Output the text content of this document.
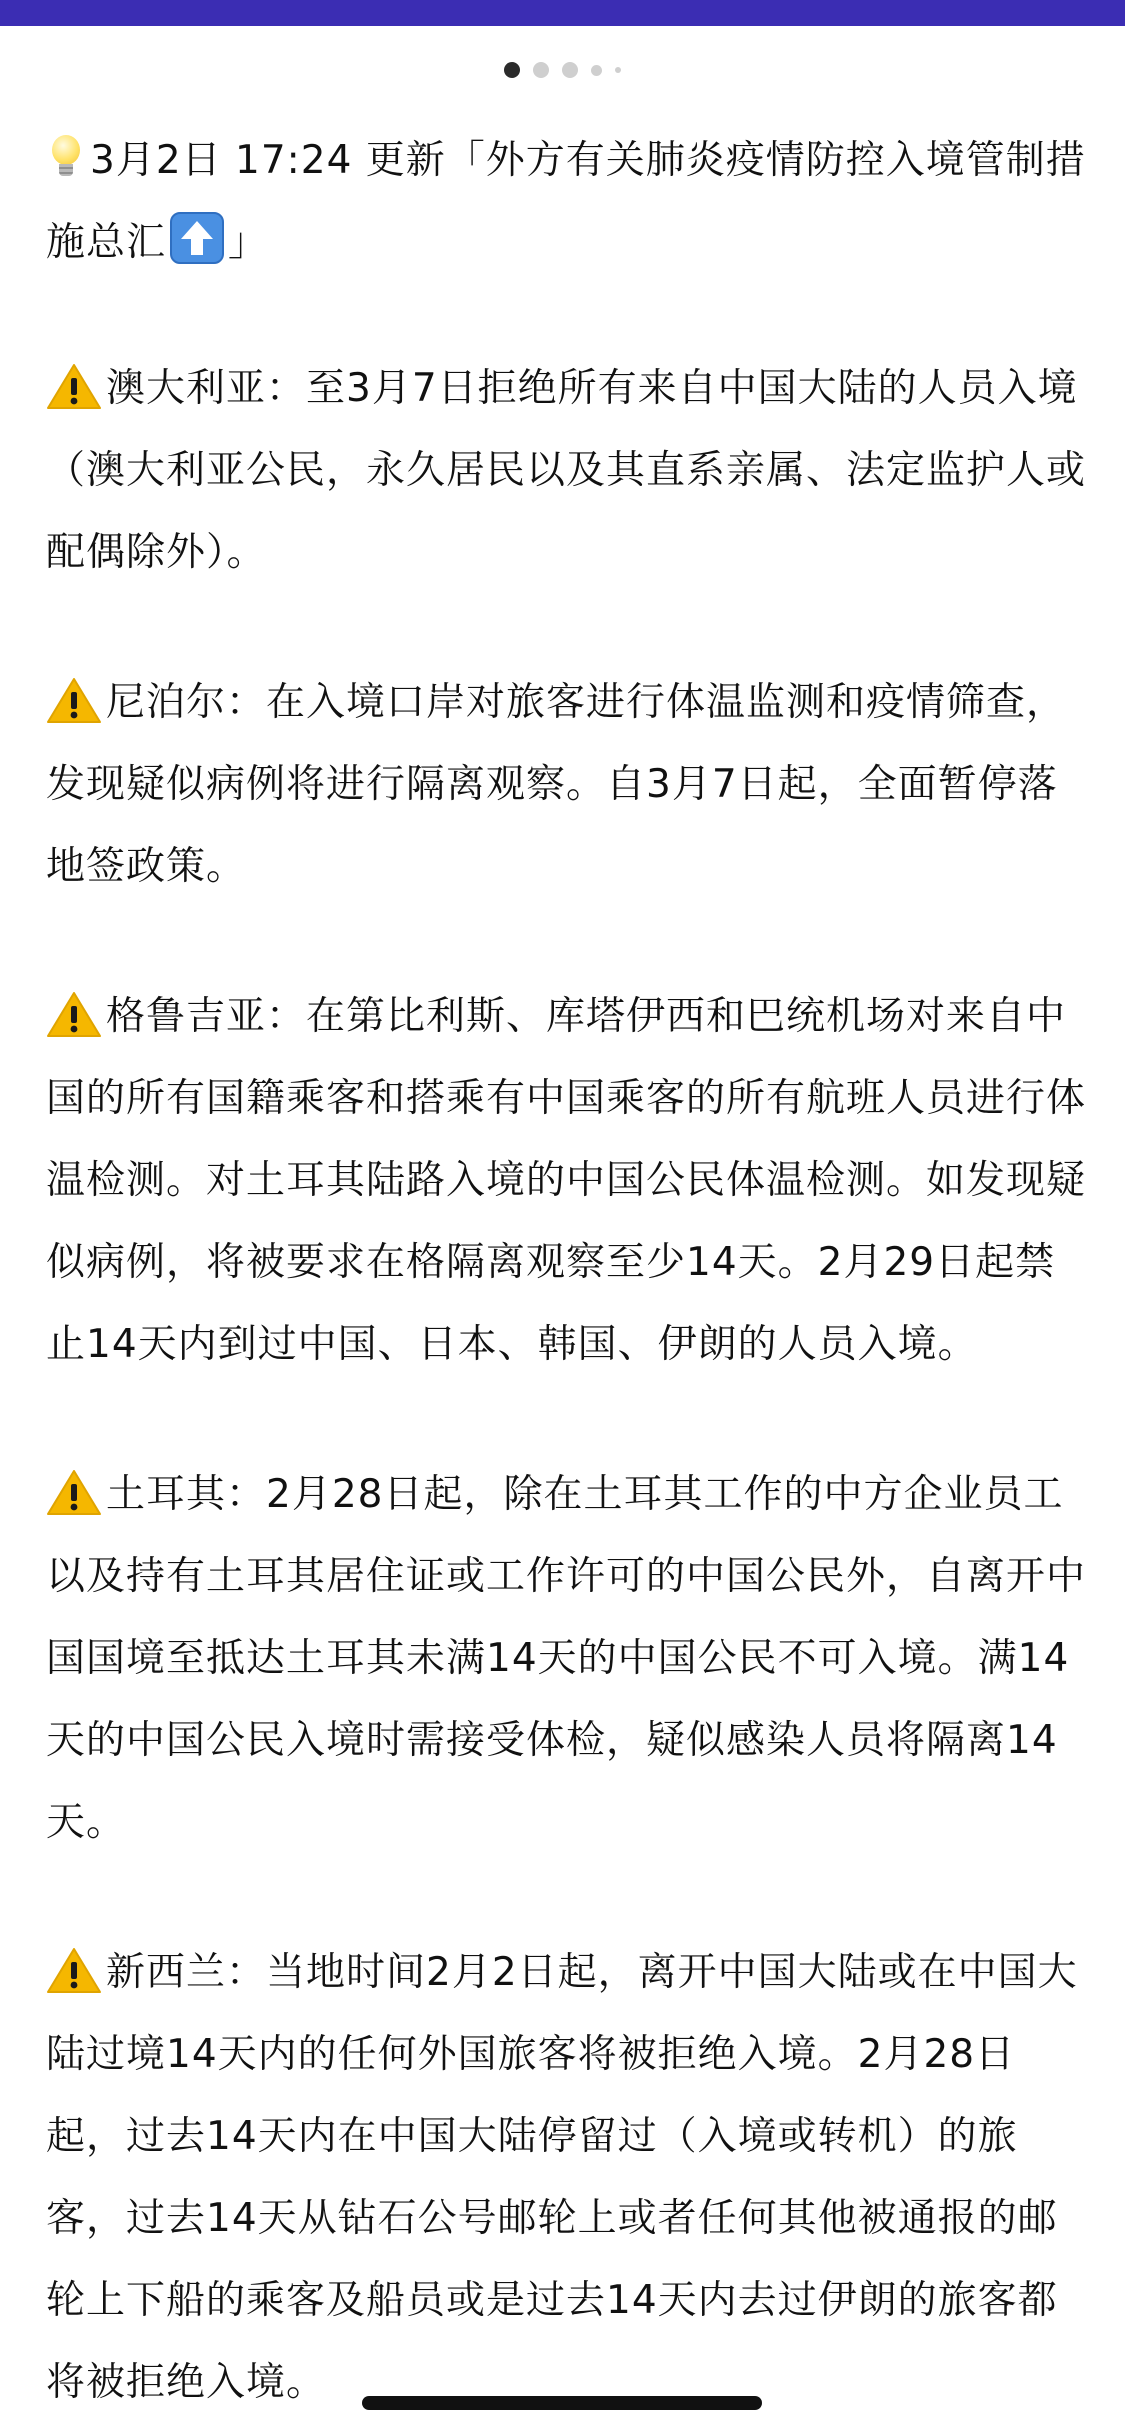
3月2日 17:24 更新「外方有关肺炎疫情防控入境管制措施总汇 」

澳大利亚：至3月7日拒绝所有来自中国大陆的人员入境（澳大利亚公民，永久居民以及其直系亲属、法定监护人或配偶除外）。

尼泊尔：在入境口岸对旅客进行体温监测和疫情筛查，发现疑似病例将进行隔离观察。自3月7日起，全面暂停落地签政策。

格鲁吉亚：在第比利斯、库塔伊西和巴统机场对来自中国的所有国籍乘客和搭乘有中国乘客的所有航班人员进行体温检测。对土耳其陆路入境的中国公民体温检测。如发现疑似病例，将被要求在格隔离观察至少14天。2月29日起禁止14天内到过中国、日本、韩国、伊朗的人员入境。

土耳其：2月28日起，除在土耳其工作的中方企业员工以及持有土耳其居住证或工作许可的中国公民外，自离开中国国境至抵达土耳其未满14天的中国公民不可入境。满14天的中国公民入境时需接受体检，疑似感染人员将隔离14天。

新西兰：当地时间2月2日起，离开中国大陆或在中国大陆过境14天内的任何外国旅客将被拒绝入境。2月28日起，过去14天内在中国大陆停留过（入境或转机）的旅客，过去14天从钻石公号邮轮上或者任何其他被通报的邮轮上下船的乘客及船员或是过去14天内去过伊朗的旅客都将被拒绝入境。
